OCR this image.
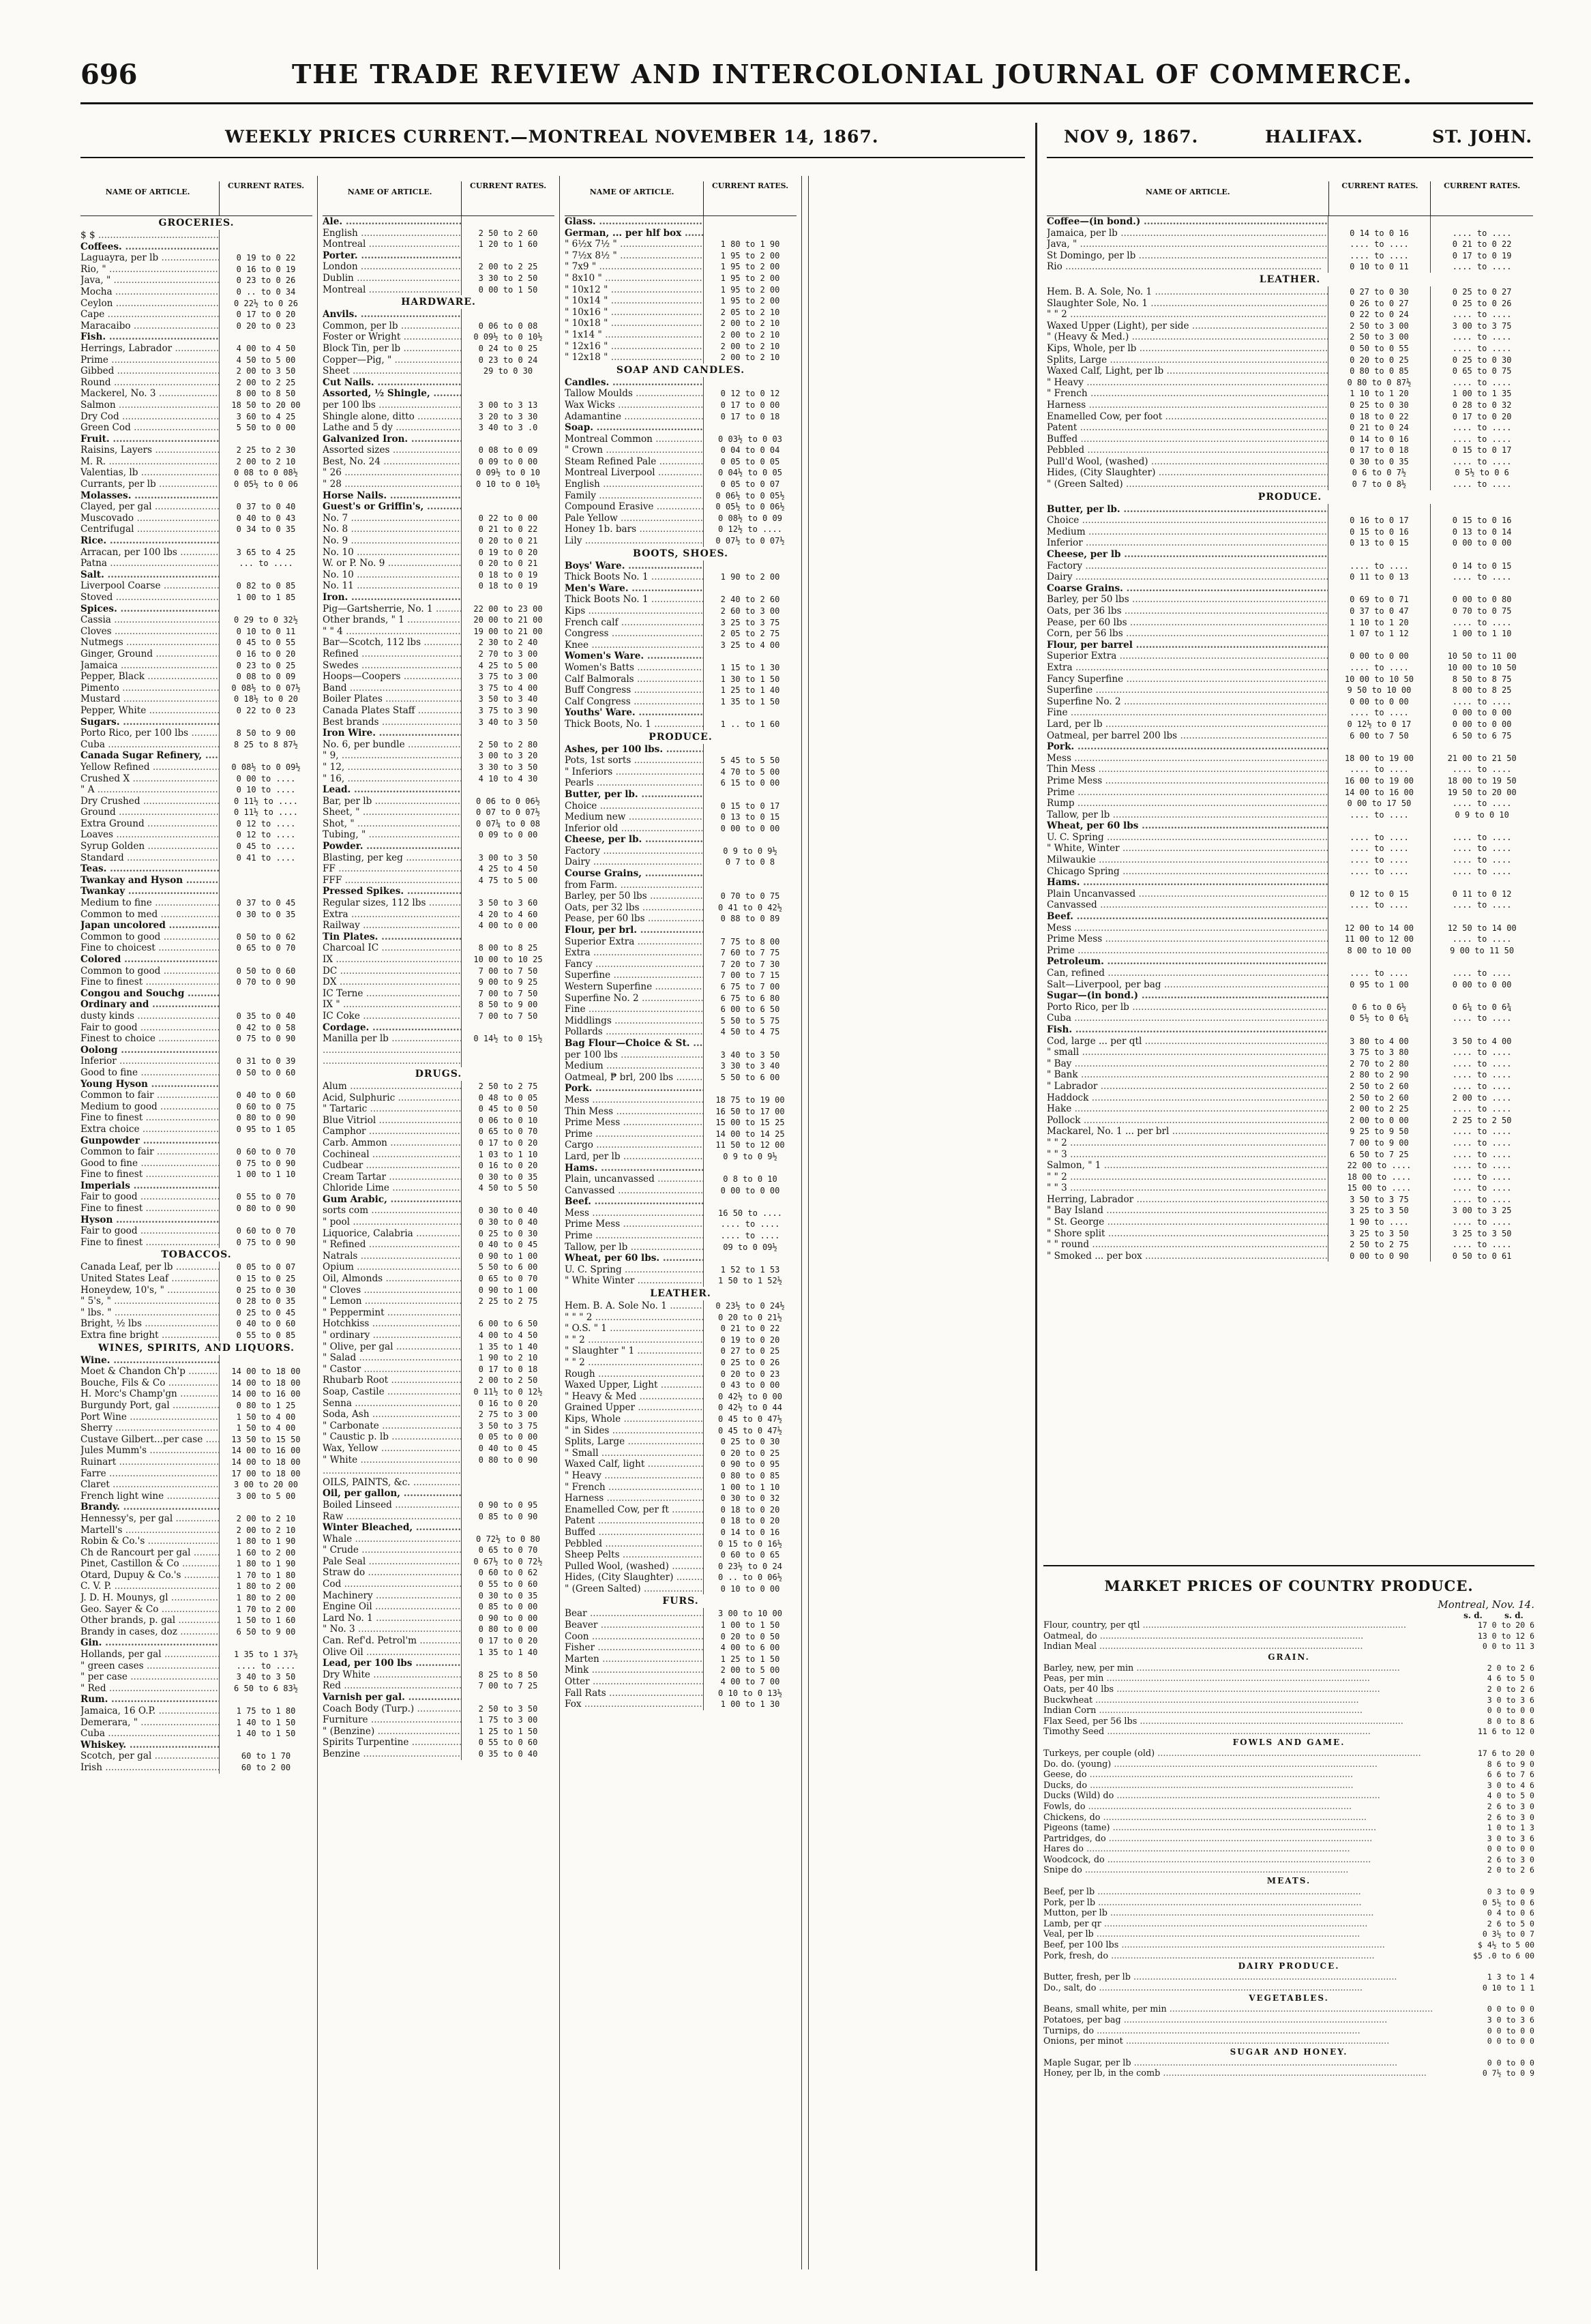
696	THE TRADE REVIEW AND INTERCOLONIAL JOURNAL OF COMMERCE.
WEEKLY PRICES CURRENT.—MONTREAL NOVEMBER 14, 1867.	NOV 9, 1867.	HALIFAX.	ST. JOHN.
NAME OF ARTICLE.
CURRENT RATES.
GROCERIES.
$ $ .....
Coffees. .....
Laguayra, per lb .....	0 19 to 0 22
Rio, " .....	0 16 to 0 19
Java, " .....	0 23 to 0 26
Mocha .....	0 .. to 0 34
Ceylon .....	0 22½ to 0 26
Cape .....	0 17 to 0 20
Maracaibo .....	0 20 to 0 23
Fish. .....
Herrings, Labrador .....	4 00 to 4 50
Prime .....	4 50 to 5 00
Gibbed .....	2 00 to 3 50
Round .....	2 00 to 2 25
Mackerel, No. 3 .....	8 00 to 8 50
Salmon .....	18 50 to 20 00
Dry Cod .....	3 60 to 4 25
Green Cod .....	5 50 to 0 00
Fruit. .....
Raisins, Layers .....	2 25 to 2 30
M. R. .....	2 00 to 2 10
Valentias, lb .....	0 08 to 0 08½
Currants, per lb .....	0 05½ to 0 06
Molasses. .....
Clayed, per gal .....	0 37 to 0 40
Muscovado .....	0 40 to 0 43
Centrifugal .....	0 34 to 0 35
Rice. .....
Arracan, per 100 lbs .....	3 65 to 4 25
Patna .....	... to ....
Salt. .....
Liverpool Coarse .....	0 82 to 0 85
Stoved .....	1 00 to 1 85
Spices. .....
Cassia .....	0 29 to 0 32½
Cloves .....	0 10 to 0 11
Nutmegs .....	0 45 to 0 55
Ginger, Ground .....	0 16 to 0 20
Jamaica .....	0 23 to 0 25
Pepper, Black .....	0 08 to 0 09
Pimento .....	0 08½ to 0 07½
Mustard .....	0 18½ to 0 20
Pepper, White .....	0 22 to 0 23
Sugars. .....
Porto Rico, per 100 lbs .....	8 50 to 9 00
Cuba .....	8 25 to 8 87½
Canada Sugar Refinery, .....
Yellow Refined .....	0 08½ to 0 09½
Crushed X .....	0 00 to ....
" A .....	0 10 to ....
Dry Crushed .....	0 11½ to ....
Ground .....	0 11½ to ....
Extra Ground .....	0 12 to ....
Loaves .....	0 12 to ....
Syrup Golden .....	0 45 to ....
Standard .....	0 41 to ....
Teas. .....
Twankay and Hyson .....
Twankay .....
Medium to fine .....	0 37 to 0 45
Common to med .....	0 30 to 0 35
Japan uncolored .....
Common to good .....	0 50 to 0 62
Fine to choicest .....	0 65 to 0 70
Colored .....
Common to good .....	0 50 to 0 60
Fine to finest .....	0 70 to 0 90
Congou and Souchg .....
Ordinary and .....
dusty kinds .....	0 35 to 0 40
Fair to good .....	0 42 to 0 58
Finest to choice .....	0 75 to 0 90
Oolong .....
Inferior .....	0 31 to 0 39
Good to fine .....	0 50 to 0 60
Young Hyson .....
Common to fair .....	0 40 to 0 60
Medium to good .....	0 60 to 0 75
Fine to finest .....	0 80 to 0 90
Extra choice .....	0 95 to 1 05
Gunpowder .....
Common to fair .....	0 60 to 0 70
Good to fine .....	0 75 to 0 90
Fine to finest .....	1 00 to 1 10
Imperials .....
Fair to good .....	0 55 to 0 70
Fine to finest .....	0 80 to 0 90
Hyson .....
Fair to good .....	0 60 to 0 70
Fine to finest .....	0 75 to 0 90
TOBACCOS.
Canada Leaf, per lb .....	0 05 to 0 07
United States Leaf .....	0 15 to 0 25
Honeydew, 10's, " .....	0 25 to 0 30
" 5's, " .....	0 28 to 0 35
" lbs. " .....	0 25 to 0 45
Bright, ½ lbs .....	0 40 to 0 60
Extra fine bright .....	0 55 to 0 85
WINES, SPIRITS, AND LIQUORS.
Wine. .....
Moet & Chandon Ch'p .....	14 00 to 18 00
Bouche, Fils & Co .....	14 00 to 18 00
H. Morc's Champ'gn .....	14 00 to 16 00
Burgundy Port, gal .....	0 80 to 1 25
Port Wine .....	1 50 to 4 00
Sherry .....	1 50 to 4 00
Custave Gilbert...per case .....	13 50 to 15 50
Jules Mumm's .....	14 00 to 16 00
Ruinart .....	14 00 to 18 00
Farre .....	17 00 to 18 00
Claret .....	3 00 to 20 00
French light wine .....	3 00 to 5 00
Brandy. .....
Hennessy's, per gal .....	2 00 to 2 10
Martell's .....	2 00 to 2 10
Robin & Co.'s .....	1 80 to 1 90
Ch de Rancourt per gal .....	1 60 to 2 00
Pinet, Castillon & Co .....	1 80 to 1 90
Otard, Dupuy & Co.'s .....	1 70 to 1 80
C. V. P. .....	1 80 to 2 00
J. D. H. Mounys, gl .....	1 80 to 2 00
Geo. Sayer & Co .....	1 70 to 2 00
Other brands, p. gal .....	1 50 to 1 60
Brandy in cases, doz .....	6 50 to 9 00
Gin. .....
Hollands, per gal .....	1 35 to 1 37½
" green cases .....	.... to ....
" per case .....	3 40 to 3 50
" Red .....	6 50 to 6 83½
Rum. .....
Jamaica, 16 O.P. .....	1 75 to 1 80
Demerara, " .....	1 40 to 1 50
Cuba .....	1 40 to 1 50
Whiskey. .....
Scotch, per gal .....	60 to 1 70
Irish .....	60 to 2 00
NAME OF ARTICLE.
CURRENT RATES.
Ale. .....
English .....	2 50 to 2 60
Montreal .....	1 20 to 1 60
Porter. .....
London .....	2 00 to 2 25
Dublin .....	3 30 to 2 50
Montreal .....	0 00 to 1 50
HARDWARE.
Anvils. .....
Common, per lb .....	0 06 to 0 08
Foster or Wright .....	0 09½ to 0 10½
Block Tin, per lb .....	0 24 to 0 25
Copper—Pig, " .....	0 23 to 0 24
Sheet .....	29 to 0 30
Cut Nails. .....
Assorted, ½ Shingle, .....
per 100 lbs .....	3 00 to 3 13
Shingle alone, ditto .....	3 20 to 3 30
Lathe and 5 dy .....	3 40 to 3 .0
Galvanized Iron. .....
Assorted sizes .....	0 08 to 0 09
Best, No. 24 .....	0 09 to 0 00
" 26 .....	0 09½ to 0 10
" 28 .....	0 10 to 0 10½
Horse Nails. .....
Guest's or Griffin's, .....
No. 7 .....	0 22 to 0 00
No. 8 .....	0 21 to 0 22
No. 9 .....	0 20 to 0 21
No. 10 .....	0 19 to 0 20
W. or P. No. 9 .....	0 20 to 0 21
No. 10 .....	0 18 to 0 19
No. 11 .....	0 18 to 0 19
Iron. .....
Pig—Gartsherrie, No. 1 .....	22 00 to 23 00
Other brands, " 1 .....	20 00 to 21 00
" " 4 .....	19 00 to 21 00
Bar—Scotch, 112 lbs .....	2 30 to 2 40
Refined .....	2 70 to 3 00
Swedes .....	4 25 to 5 00
Hoops—Coopers .....	3 75 to 3 00
Band .....	3 75 to 4 00
Boiler Plates .....	3 50 to 3 40
Canada Plates Staff .....	3 75 to 3 90
Best brands .....	3 40 to 3 50
Iron Wire. .....
No. 6, per bundle .....	2 50 to 2 80
" 9, .....	3 00 to 3 20
" 12, .....	3 30 to 3 50
" 16, .....	4 10 to 4 30
Lead. .....
Bar, per lb .....	0 06 to 0 06½
Sheet, " .....	0 07 to 0 07½
Shot, " .....	0 07¼ to 0 08
Tubing, " .....	0 09 to 0 00
Powder. .....
Blasting, per keg .....	3 00 to 3 50
FF .....	4 25 to 4 50
FFF .....	4 75 to 5 00
Pressed Spikes. .....
Regular sizes, 112 lbs .....	3 50 to 3 60
Extra .....	4 20 to 4 60
Railway .....	4 00 to 0 00
Tin Plates. .....
Charcoal IC .....	8 00 to 8 25
IX .....	10 00 to 10 25
DC .....	7 00 to 7 50
DX .....	9 00 to 9 25
IC Terne .....	7 00 to 7 50
IX " .....	8 50 to 9 00
IC Coke .....	7 00 to 7 50
Cordage. .....
Manilla per lb .....	0 14½ to 0 15½
.....
.....
DRUGS.
Alum .....	2 50 to 2 75
Acid, Sulphuric .....	0 48 to 0 05
" Tartaric .....	0 45 to 0 50
Blue Vitriol .....	0 06 to 0 10
Camphor .....	0 65 to 0 70
Carb. Ammon .....	0 17 to 0 20
Cochineal .....	1 03 to 1 10
Cudbear .....	0 16 to 0 20
Cream Tartar .....	0 30 to 0 35
Chloride Lime .....	4 50 to 5 50
Gum Arabic, .....
sorts com .....	0 30 to 0 40
" pool .....	0 30 to 0 40
Liquorice, Calabria .....	0 25 to 0 30
" Refined .....	0 40 to 0 45
Natrals .....	0 90 to 1 00
Opium .....	5 50 to 6 00
Oil, Almonds .....	0 65 to 0 70
" Cloves .....	0 90 to 1 00
" Lemon .....	2 25 to 2 75
" Peppermint .....
Hotchkiss .....	6 00 to 6 50
" ordinary .....	4 00 to 4 50
" Olive, per gal .....	1 35 to 1 40
" Salad .....	1 90 to 2 10
" Castor .....	0 17 to 0 18
Rhubarb Root .....	2 00 to 2 50
Soap, Castile .....	0 11½ to 0 12½
Senna .....	0 16 to 0 20
Soda, Ash .....	2 75 to 3 00
" Carbonate .....	3 50 to 3 75
" Caustic p. lb .....	0 05 to 0 00
Wax, Yellow .....	0 40 to 0 45
" White .....	0 80 to 0 90
.....
OILS, PAINTS, &c. .....
Oil, per gallon, .....
Boiled Linseed .....	0 90 to 0 95
Raw .....	0 85 to 0 90
Winter Bleached, .....
Whale .....	0 72½ to 0 80
" Crude .....	0 65 to 0 70
Pale Seal .....	0 67½ to 0 72½
Straw do .....	0 60 to 0 62
Cod .....	0 55 to 0 60
Machinery .....	0 30 to 0 35
Engine Oil .....	0 85 to 0 00
Lard No. 1 .....	0 90 to 0 00
" No. 3 .....	0 80 to 0 00
Can. Ref'd. Petrol'm .....	0 17 to 0 20
Olive Oil .....	1 35 to 1 40
Lead, per 100 lbs .....
Dry White .....	8 25 to 8 50
Red .....	7 00 to 7 25
Varnish per gal. .....
Coach Body (Turp.) .....	2 50 to 3 50
Furniture .....	1 75 to 3 00
" (Benzine) .....	1 25 to 1 50
Spirits Turpentine .....	0 55 to 0 60
Benzine .....	0 35 to 0 40
NAME OF ARTICLE.
CURRENT RATES.
Glass. .....
German, ... per hlf box .....
" 6½x 7½ " .....	1 80 to 1 90
" 7½x 8½ " .....	1 95 to 2 00
" 7x9 " .....	1 95 to 2 00
" 8x10 " .....	1 95 to 2 00
" 10x12 " .....	1 95 to 2 00
" 10x14 " .....	1 95 to 2 00
" 10x16 " .....	2 05 to 2 10
" 10x18 " .....	2 00 to 2 10
" 1x14 " .....	2 00 to 2 10
" 12x16 " .....	2 00 to 2 10
" 12x18 " .....	2 00 to 2 10
SOAP AND CANDLES.
Candles. .....
Tallow Moulds .....	0 12 to 0 12
Wax Wicks .....	0 17 to 0 00
Adamantine .....	0 17 to 0 18
Soap. .....
Montreal Common .....	0 03½ to 0 03
" Crown .....	0 04 to 0 04
Steam Refined Pale .....	0 05 to 0 05
Montreal Liverpool .....	0 04½ to 0 05
English .....	0 05 to 0 07
Family .....	0 06½ to 0 05½
Compound Erasive .....	0 05½ to 0 06½
Pale Yellow .....	0 08½ to 0 09
Honey 1b. bars .....	0 12½ to ....
Lily .....	0 07½ to 0 07½
BOOTS, SHOES.
Boys' Ware. .....
Thick Boots No. 1 .....	1 90 to 2 00
Men's Ware. .....
Thick Boots No. 1 .....	2 40 to 2 60
Kips .....	2 60 to 3 00
French calf .....	3 25 to 3 75
Congress .....	2 05 to 2 75
Knee .....	3 25 to 4 00
Women's Ware. .....
Women's Batts .....	1 15 to 1 30
Calf Balmorals .....	1 30 to 1 50
Buff Congress .....	1 25 to 1 40
Calf Congress .....	1 35 to 1 50
Youths' Ware. .....
Thick Boots, No. 1 .....	1 .. to 1 60
PRODUCE.
Ashes, per 100 lbs. .....
Pots, 1st sorts .....	5 45 to 5 50
" Inferiors .....	4 70 to 5 00
Pearls .....	6 15 to 0 00
Butter, per lb. .....
Choice .....	0 15 to 0 17
Medium new .....	0 13 to 0 15
Inferior old .....	0 00 to 0 00
Cheese, per lb. .....
Factory .....	0 9 to 0 9½
Dairy .....	0 7 to 0 8
Course Grains, .....
from Farm. .....
Barley, per 50 lbs .....	0 70 to 0 75
Oats, per 32 lbs .....	0 41 to 0 42½
Pease, per 60 lbs .....	0 88 to 0 89
Flour, per brl. .....
Superior Extra .....	7 75 to 8 00
Extra .....	7 60 to 7 75
Fancy .....	7 20 to 7 30
Superfine .....	7 00 to 7 15
Western Superfine .....	6 75 to 7 00
Superfine No. 2 .....	6 75 to 6 80
Fine .....	6 00 to 6 50
Middlings .....	5 50 to 5 75
Pollards .....	4 50 to 4 75
Bag Flour—Choice & St. .....
per 100 lbs .....	3 40 to 3 50
Medium .....	3 30 to 3 40
Oatmeal, ₱ brl, 200 lbs .....	5 50 to 6 00
Pork. .....
Mess .....	18 75 to 19 00
Thin Mess .....	16 50 to 17 00
Prime Mess .....	15 00 to 15 25
Prime .....	14 00 to 14 25
Cargo .....	11 50 to 12 00
Lard, per lb .....	0 9 to 0 9½
Hams. .....
Plain, uncanvassed .....	0 8 to 0 10
Canvassed .....	0 00 to 0 00
Beef. .....
Mess .....	16 50 to ....
Prime Mess .....	.... to ....
Prime .....	.... to ....
Tallow, per lb .....	09 to 0 09½
Wheat, per 60 lbs. .....
U. C. Spring .....	1 52 to 1 53
" White Winter .....	1 50 to 1 52½
LEATHER.
Hem. B. A. Sole No. 1 .....	0 23½ to 0 24½
" " " 2 .....	0 20 to 0 21½
" O.S. " 1 .....	0 21 to 0 22
" " 2 .....	0 19 to 0 20
" Slaughter " 1 .....	0 27 to 0 25
" " 2 .....	0 25 to 0 26
Rough .....	0 20 to 0 23
Waxed Upper, Light .....	0 43 to 0 00
" Heavy & Med .....	0 42½ to 0 00
Grained Upper .....	0 42½ to 0 44
Kips, Whole .....	0 45 to 0 47½
" in Sides .....	0 45 to 0 47½
Splits, Large .....	0 25 to 0 30
" Small .....	0 20 to 0 25
Waxed Calf, light .....	0 90 to 0 95
" Heavy .....	0 80 to 0 85
" French .....	1 00 to 1 10
Harness .....	0 30 to 0 32
Enamelled Cow, per ft .....	0 18 to 0 20
Patent .....	0 18 to 0 20
Buffed .....	0 14 to 0 16
Pebbled .....	0 15 to 0 16½
Sheep Pelts .....	0 60 to 0 65
Pulled Wool, (washed) .....	0 23½ to 0 24
Hides, (City Slaughter) .....	0 .. to 0 06½
" (Green Salted) .....	0 10 to 0 00
FURS.
Bear .....	3 00 to 10 00
Beaver .....	1 00 to 1 50
Coon .....	0 20 to 0 50
Fisher .....	4 00 to 6 00
Marten .....	1 25 to 1 50
Mink .....	2 00 to 5 00
Otter .....	4 00 to 7 00
Fall Rats .....	0 10 to 0 13½
Fox .....	1 00 to 1 30
NAME OF ARTICLE.
CURRENT RATES.	CURRENT RATES.
Coffee—(in bond.) .....
Jamaica, per lb .....	0 14 to 0 16	.... to ....
Java, " .....	.... to ....	0 21 to 0 22
St Domingo, per lb .....	.... to ....	0 17 to 0 19
Rio .....	0 10 to 0 11	.... to ....
LEATHER.
Hem. B. A. Sole, No. 1 .....	0 27 to 0 30	0 25 to 0 27
Slaughter Sole, No. 1 .....	0 26 to 0 27	0 25 to 0 26
" " 2 .....	0 22 to 0 24	.... to ....
Waxed Upper (Light), per side .....	2 50 to 3 00	3 00 to 3 75
" (Heavy & Med.) .....	2 50 to 3 00	.... to ....
Kips, Whole, per lb .....	0 50 to 0 55	.... to ....
Splits, Large .....	0 20 to 0 25	0 25 to 0 30
Waxed Calf, Light, per lb .....	0 80 to 0 85	0 65 to 0 75
" Heavy .....	0 80 to 0 87½	.... to ....
" French .....	1 10 to 1 20	1 00 to 1 35
Harness .....	0 25 to 0 30	0 28 to 0 32
Enamelled Cow, per foot .....	0 18 to 0 22	0 17 to 0 20
Patent .....	0 21 to 0 24	.... to ....
Buffed .....	0 14 to 0 16	.... to ....
Pebbled .....	0 17 to 0 18	0 15 to 0 17
Pull'd Wool, (washed) .....	0 30 to 0 35	.... to ....
Hides, (City Slaughter) .....	0 6 to 0 7½	0 5½ to 0 6
" (Green Salted) .....	0 7 to 0 8½	.... to ....
PRODUCE.
Butter, per lb. .....
Choice .....	0 16 to 0 17	0 15 to 0 16
Medium .....	0 15 to 0 16	0 13 to 0 14
Inferior .....	0 13 to 0 15	0 00 to 0 00
Cheese, per lb .....
Factory .....	.... to ....	0 14 to 0 15
Dairy .....	0 11 to 0 13	.... to ....
Coarse Grains. .....
Barley, per 50 lbs .....	0 69 to 0 71	0 00 to 0 80
Oats, per 36 lbs .....	0 37 to 0 47	0 70 to 0 75
Pease, per 60 lbs .....	1 10 to 1 20	.... to ....
Corn, per 56 lbs .....	1 07 to 1 12	1 00 to 1 10
Flour, per barrel .....
Superior Extra .....	0 00 to 0 00	10 50 to 11 00
Extra .....	.... to ....	10 00 to 10 50
Fancy Superfine .....	10 00 to 10 50	8 50 to 8 75
Superfine .....	9 50 to 10 00	8 00 to 8 25
Superfine No. 2 .....	0 00 to 0 00	.... to ....
Fine .....	.... to ....	0 00 to 0 00
Lard, per lb .....	0 12½ to 0 17	0 00 to 0 00
Oatmeal, per barrel 200 lbs .....	6 00 to 7 50	6 50 to 6 75
Pork. .....
Mess .....	18 00 to 19 00	21 00 to 21 50
Thin Mess .....	.... to ....	.... to ....
Prime Mess .....	16 00 to 19 00	18 00 to 19 50
Prime .....	14 00 to 16 00	19 50 to 20 00
Rump .....	0 00 to 17 50	.... to ....
Tallow, per lb .....	.... to ....	0 9 to 0 10
Wheat, per 60 lbs .....
U. C. Spring .....	.... to ....	.... to ....
" White, Winter .....	.... to ....	.... to ....
Milwaukie .....	.... to ....	.... to ....
Chicago Spring .....	.... to ....	.... to ....
Hams. .....
Plain Uncanvassed .....	0 12 to 0 15	0 11 to 0 12
Canvassed .....	.... to ....	.... to ....
Beef. .....
Mess .....	12 00 to 14 00	12 50 to 14 00
Prime Mess .....	11 00 to 12 00	.... to ....
Prime .....	8 00 to 10 00	9 00 to 11 50
Petroleum. .....
Can, refined .....	.... to ....	.... to ....
Salt—Liverpool, per bag .....	0 95 to 1 00	0 00 to 0 00
Sugar—(in bond.) .....
Porto Rico, per lb .....	0 6 to 0 6½	0 6¼ to 0 6¾
Cuba .....	0 5½ to 0 6¼	.... to ....
Fish. .....
Cod, large ... per qtl .....	3 80 to 4 00	3 50 to 4 00
" small .....	3 75 to 3 80	.... to ....
" Bay .....	2 70 to 2 80	.... to ....
" Bank .....	2 80 to 2 90	.... to ....
" Labrador .....	2 50 to 2 60	.... to ....
Haddock .....	2 50 to 2 60	2 00 to ....
Hake .....	2 00 to 2 25	.... to ....
Pollock .....	2 00 to 0 00	2 25 to 2 50
Mackarel, No. 1 ... per brl .....	9 25 to 9 50	.... to ....
" " 2 .....	7 00 to 9 00	.... to ....
" " 3 .....	6 50 to 7 25	.... to ....
Salmon, " 1 .....	22 00 to ....	.... to ....
" " 2 .....	18 00 to ....	.... to ....
" " 3 .....	15 00 to ....	.... to ....
Herring, Labrador .....	3 50 to 3 75	.... to ....
" Bay Island .....	3 25 to 3 50	3 00 to 3 25
" St. George .....	1 90 to ....	.... to ....
" Shore split .....	3 25 to 3 50	3 25 to 3 50
" " round .....	2 50 to 2 75	.... to ....
" Smoked ... per box .....	0 00 to 0 90	0 50 to 0 61
MARKET PRICES OF COUNTRY PRODUCE.
Montreal, Nov. 14.
s. d.	s. d.
Flour, country, per qtl .....	17 0 to 20 6
Oatmeal, do .....	13 0 to 12 6
Indian Meal .....	0 0 to 11 3
GRAIN.
Barley, new, per min .....	2 0 to 2 6
Peas, per min .....	4 6 to 5 0
Oats, per 40 lbs .....	2 0 to 2 6
Buckwheat .....	3 0 to 3 6
Indian Corn .....	0 0 to 0 0
Flax Seed, per 56 lbs .....	8 0 to 8 6
Timothy Seed .....	11 6 to 12 0
FOWLS AND GAME.
Turkeys, per couple (old) .....	17 6 to 20 0
Do. do. (young) .....	8 6 to 9 0
Geese, do .....	6 6 to 7 6
Ducks, do .....	3 0 to 4 6
Ducks (Wild) do .....	4 0 to 5 0
Fowls, do .....	2 6 to 3 0
Chickens, do .....	2 6 to 3 0
Pigeons (tame) .....	1 0 to 1 3
Partridges, do .....	3 0 to 3 6
Hares do .....	0 0 to 0 0
Woodcock, do .....	2 6 to 3 0
Snipe do .....	2 0 to 2 6
MEATS.
Beef, per lb .....	0 3 to 0 9
Pork, per lb .....	0 5½ to 0 6
Mutton, per lb .....	0 4 to 0 6
Lamb, per qr .....	2 6 to 5 0
Veal, per lb .....	0 3½ to 0 7
Beef, per 100 lbs .....	$ 4½ to 5 00
Pork, fresh, do .....	$5 .0 to 6 00
DAIRY PRODUCE.
Butter, fresh, per lb .....	1 3 to 1 4
Do., salt, do .....	0 10 to 1 1
VEGETABLES.
Beans, small white, per min .....	0 0 to 0 0
Potatoes, per bag .....	3 0 to 3 6
Turnips, do .....	0 0 to 0 0
Onions, per minot .....	0 0 to 0 0
SUGAR AND HONEY.
Maple Sugar, per lb .....	0 0 to 0 0
Honey, per lb, in the comb .....	0 7½ to 0 9
